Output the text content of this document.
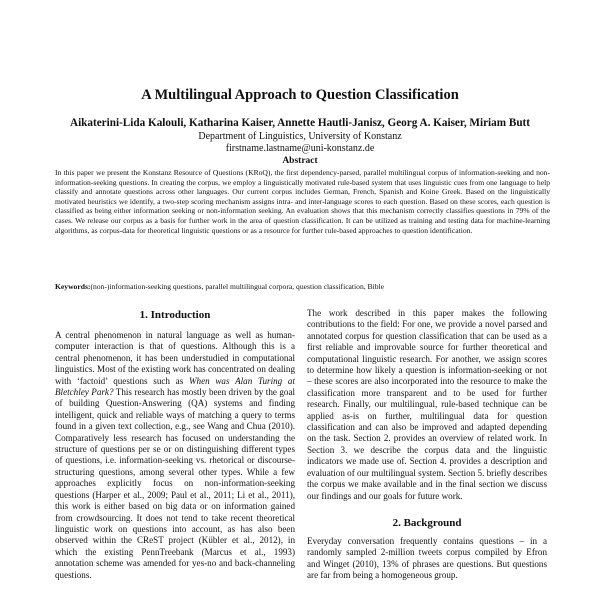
A Multilingual Approach to Question Classification
Aikaterini-Lida Kalouli, Katharina Kaiser, Annette Hautli-Janisz, Georg A. Kaiser, Miriam Butt
Department of Linguistics, University of Konstanz
firstname.lastname@uni-konstanz.de
Abstract
In this paper we present the Konstanz Resource of Questions (KRoQ), the first dependency-parsed, parallel multilingual corpus of information-seeking and non-information-seeking questions. In creating the corpus, we employ a linguistically motivated rule-based system that uses linguistic cues from one language to help classify and annotate questions across other languages. Our current corpus includes German, French, Spanish and Koine Greek. Based on the linguistically motivated heuristics we identify, a two-step scoring mechanism assigns intra- and inter-language scores to each question. Based on these scores, each question is classified as being either information seeking or non-information seeking. An evaluation shows that this mechanism correctly classifies questions in 79% of the cases. We release our corpus as a basis for further work in the area of question classification. It can be utilized as training and testing data for machine-learning algorithms, as corpus-data for theoretical linguistic questions or as a resource for further rule-based approaches to question identification.
Keywords:(non-)information-seeking questions, parallel multilingual corpora, question classification, Bible
1. Introduction

A central phenomenon in natural language as well as human-computer interaction is that of questions. Although this is a central phenomenon, it has been understudied in computational linguistics. Most of the existing work has concentrated on dealing with ‘factoid’ questions such as When was Alan Turing at Bletchley Park? This research has mostly been driven by the goal of building Question-Answering (QA) systems and finding intelligent, quick and reliable ways of matching a query to terms found in a given text collection, e.g., see Wang and Chua (2010). Comparatively less research has focused on understanding the structure of questions per se or on distinguishing different types of questions, i.e. information-seeking vs. rhetorical or discourse-structuring questions, among several other types. While a few approaches explicitly focus on non-information-seeking questions (Harper et al., 2009; Paul et al., 2011; Li et al., 2011), this work is either based on big data or on information gained from crowdsourcing. It does not tend to take recent theoretical linguistic work on questions into account, as has also been observed within the CReST project (Kübler et al., 2012), in which the existing PennTreebank (Marcus et al., 1993) annotation scheme was amended for yes-no and back-channeling questions.

The work described in this paper makes the following contributions to the field: For one, we provide a novel parsed and annotated corpus for question classification that can be used as a first reliable and improvable source for further theoretical and computational linguistic research. For another, we assign scores to determine how likely a question is information-seeking or not – these scores are also incorporated into the resource to make the classification more transparent and to be used for further research. Finally, our multilingual, rule-based technique can be applied as-is on further, multilingual data for question classification and can also be improved and adapted depending on the task. Section 2. provides an overview of related work. In Section 3. we describe the corpus data and the linguistic indicators we made use of. Section 4. provides a description and evaluation of our multilingual system. Section 5. briefly describes the corpus we make available and in the final section we discuss our findings and our goals for future work.

2. Background

Everyday conversation frequently contains questions – in a randomly sampled 2-million tweets corpus compiled by Efron and Winget (2010), 13% of phrases are questions. But questions are far from being a homogeneous group.
